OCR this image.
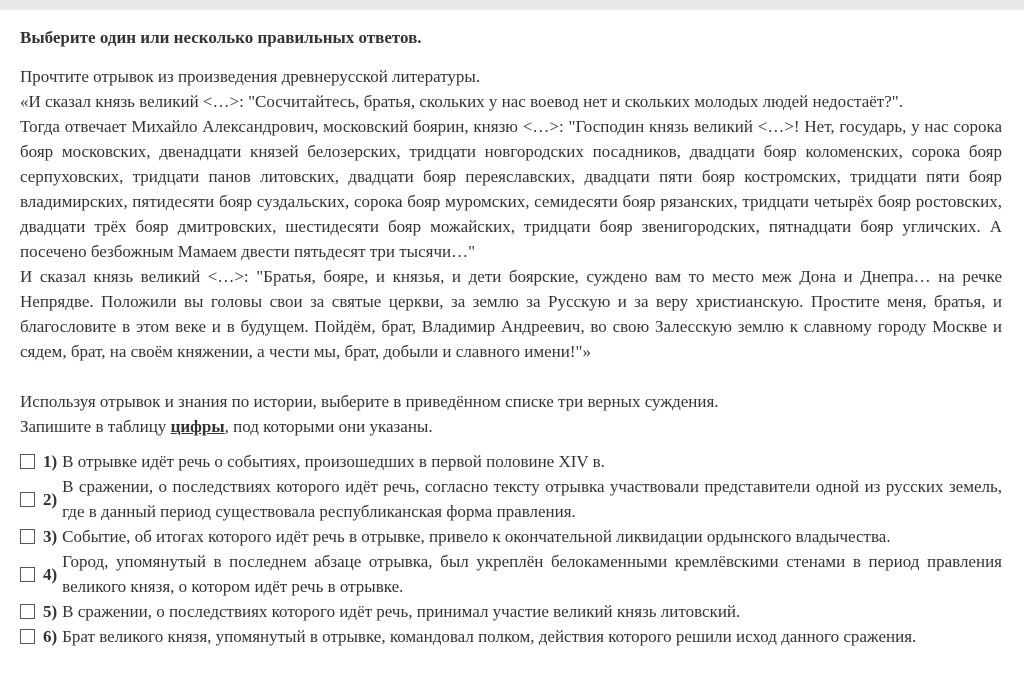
Выберите один или несколько правильных ответов.

Прочтите отрывок из произведения древнерусской литературы.

«И сказал князь великий <…>: "Сосчитайтесь, братья, скольких у нас воевод нет и скольких молодых людей недостаёт?".

Тогда отвечает Михайло Александрович, московский боярин, князю <…>: "Господин князь великий <…>! Нет, государь, у нас сорока бояр московских, двенадцати князей белозерских, тридцати новгородских посадников, двадцати бояр коломенских, сорока бояр серпуховских, тридцати панов литовских, двадцати бояр переяславских, двадцати пяти бояр костромских, тридцати пяти бояр владимирских, пятидесяти бояр суздальских, сорока бояр муромских, семидесяти бояр рязанских, тридцати четырёх бояр ростовских, двадцати трёх бояр дмитровских, шестидесяти бояр можайских, тридцати бояр звенигородских, пятнадцати бояр угличских. А посечено безбожным Мамаем двести пятьдесят три тысячи…"

И сказал князь великий <…>: "Братья, бояре, и князья, и дети боярские, суждено вам то место меж Дона и Днепра… на речке Непрядве. Положили вы головы свои за святые церкви, за землю за Русскую и за веру христианскую. Простите меня, братья, и благословите в этом веке и в будущем. Пойдём, брат, Владимир Андреевич, во свою Залесскую землю к славному городу Москве и сядем, брат, на своём княжении, а чести мы, брат, добыли и славного имени!"»

Используя отрывок и знания по истории, выберите в приведённом списке три верных суждения.

Запишите в таблицу цифры, под которыми они указаны.

1) В отрывке идёт речь о событиях, произошедших в первой половине XIV в.
2)
В сражении, о последствиях которого идёт речь, согласно тексту отрывка участвовали представители одной из русских земель, где в данный период существовала республиканская форма правления.
3) Событие, об итогах которого идёт речь в отрывке, привело к окончательной ликвидации ордынского владычества.
4)
Город, упомянутый в последнем абзаце отрывка, был укреплён белокаменными кремлёвскими стенами в период правления великого князя, о котором идёт речь в отрывке.
5) В сражении, о последствиях которого идёт речь, принимал участие великий князь литовский.
6) Брат великого князя, упомянутый в отрывке, командовал полком, действия которого решили исход данного сражения.
